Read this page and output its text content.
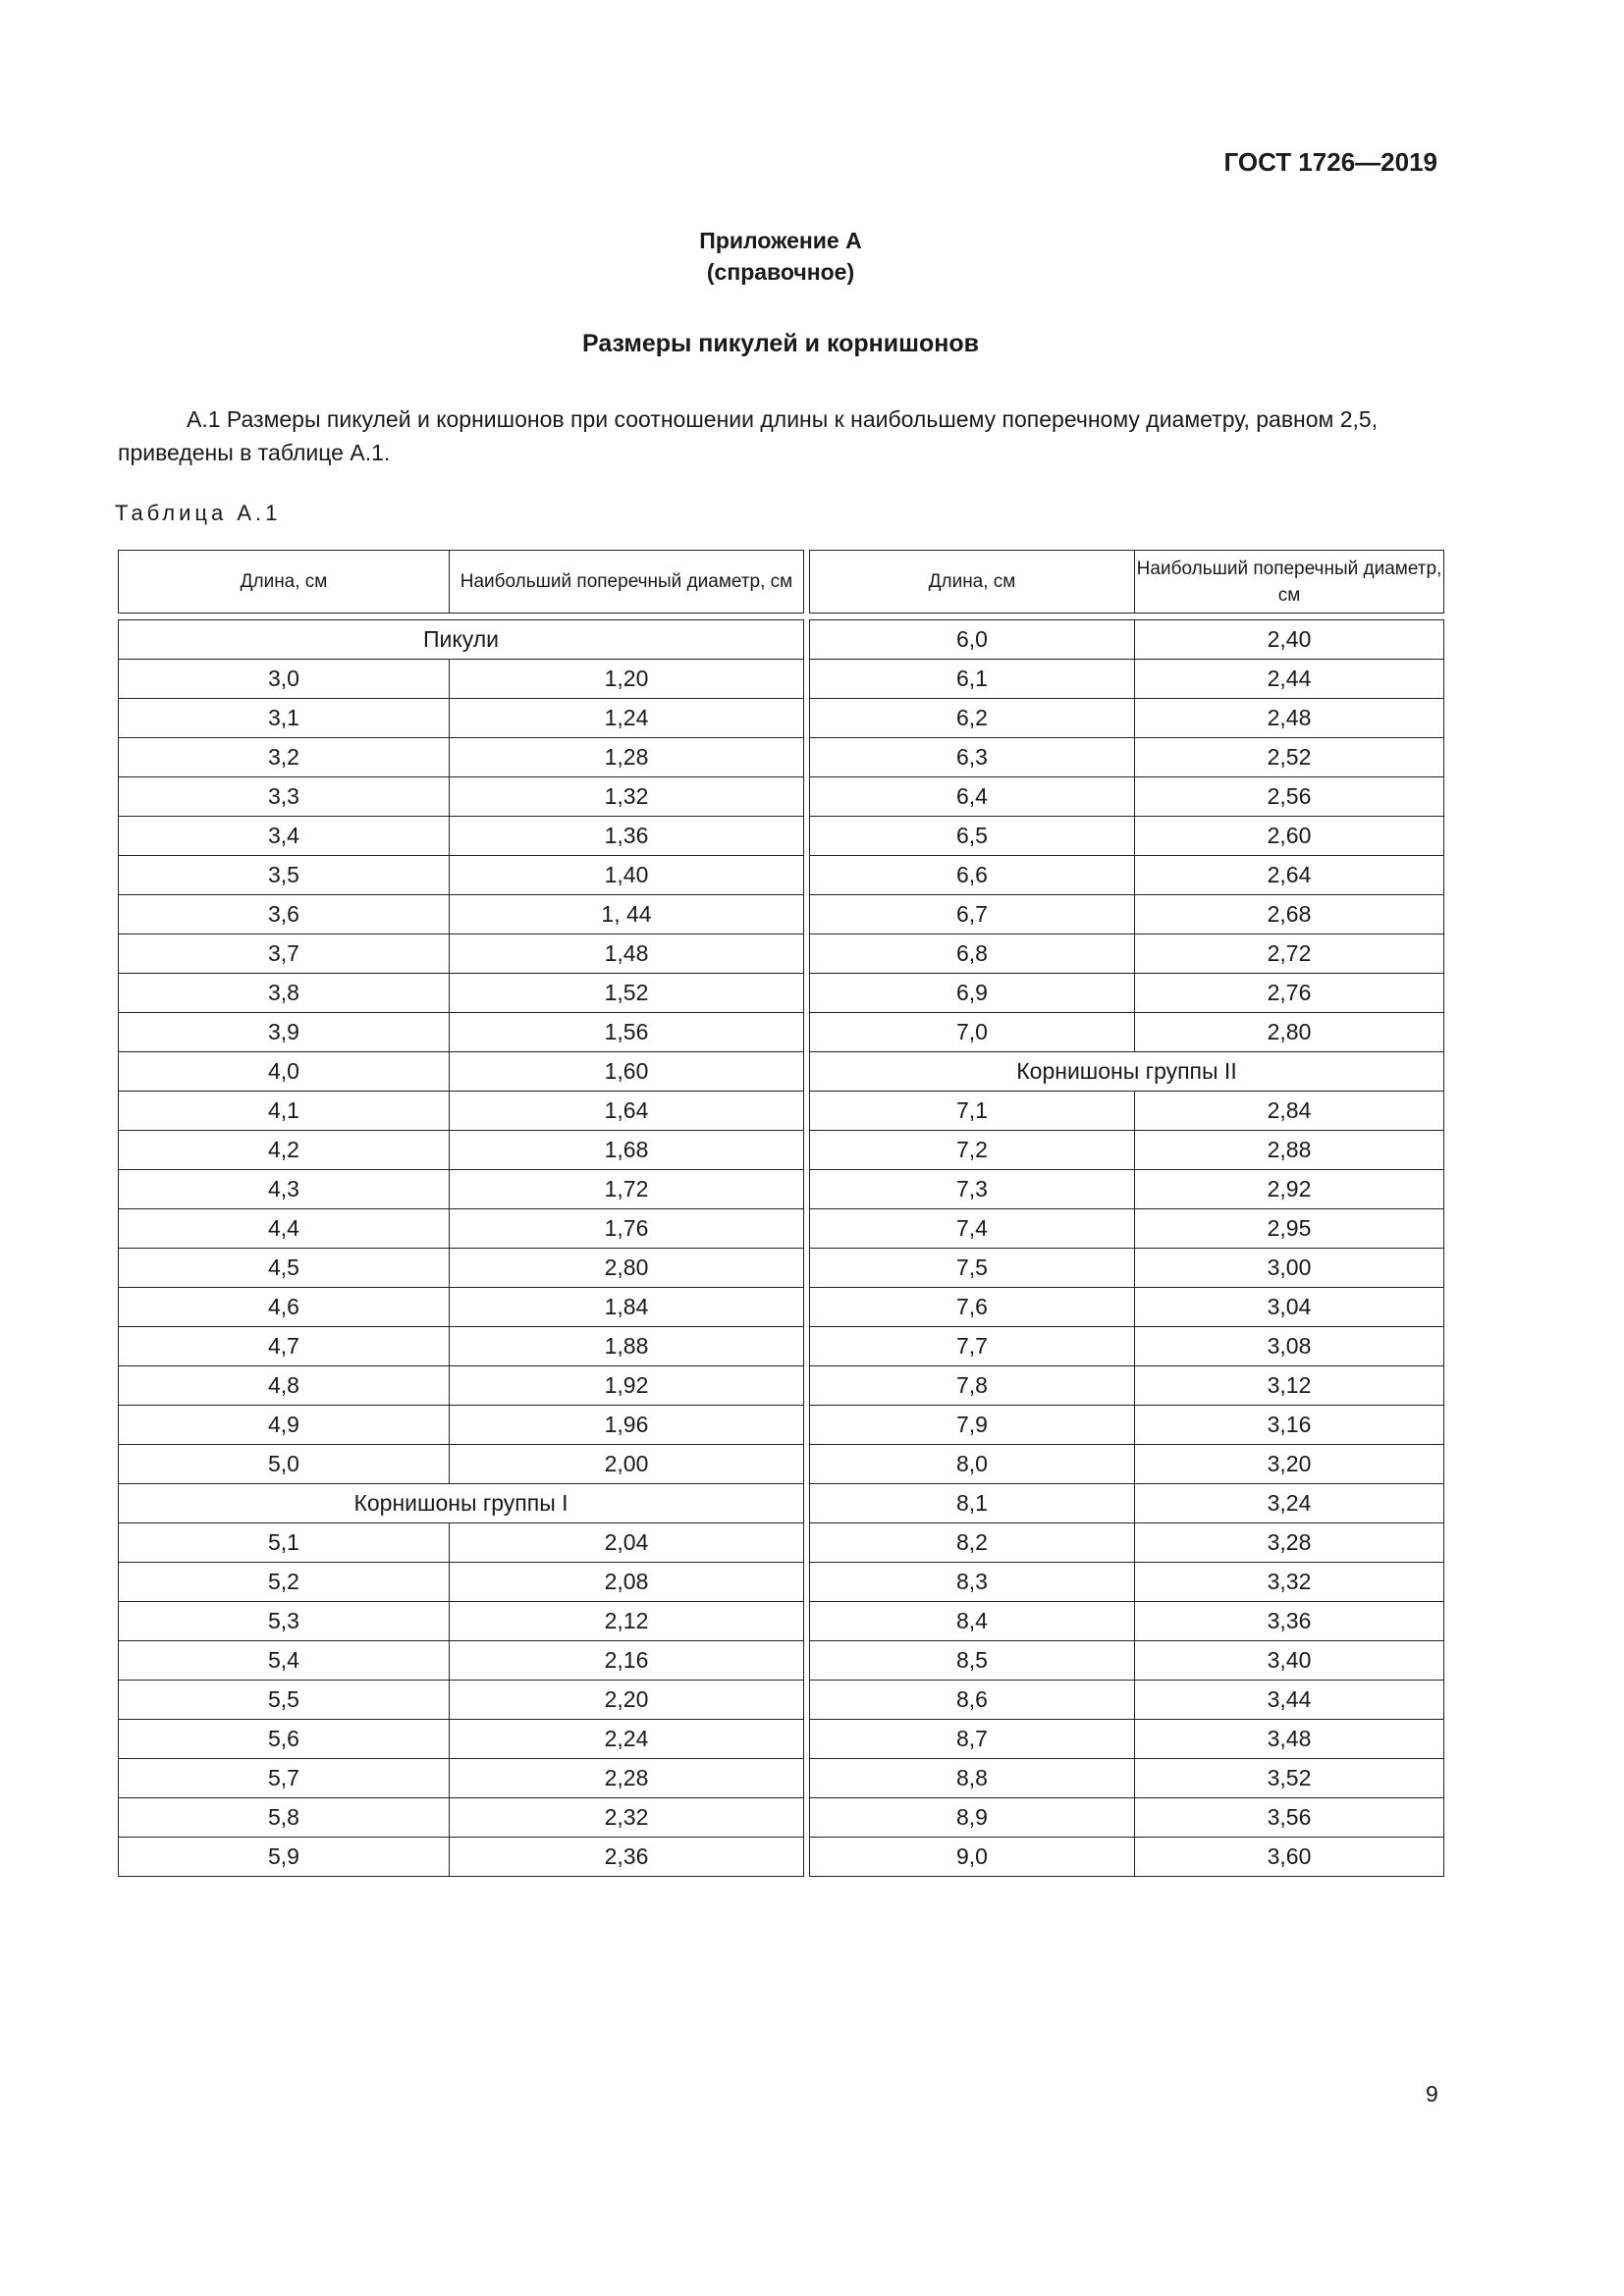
ГОСТ 1726—2019
Приложение А
(справочное)
Размеры пикулей и корнишонов

А.1 Размеры пикулей и корнишонов при соотношении длины к наибольшему поперечному диаметру, равном 2,5, приведены в таблице А.1.

Таблица А.1
Длина, см	Наибольший поперечный диаметр, см

Пикули	
3,0	1,20
3,1	1,24
3,2	1,28
3,3	1,32
3,4	1,36
3,5	1,40
3,6	1, 44
3,7	1,48
3,8	1,52
3,9	1,56
4,0	1,60
4,1	1,64
4,2	1,68
4,3	1,72
4,4	1,76
4,5	2,80
4,6	1,84
4,7	1,88
4,8	1,92
4,9	1,96
5,0	2,00
Корнишоны группы I	
5,1	2,04
5,2	2,08
5,3	2,12
5,4	2,16
5,5	2,20
5,6	2,24
5,7	2,28
5,8	2,32
5,9	2,36
Длина, см	Наибольший поперечный диаметр, см

6,0	2,40
6,1	2,44
6,2	2,48
6,3	2,52
6,4	2,56
6,5	2,60
6,6	2,64
6,7	2,68
6,8	2,72
6,9	2,76
7,0	2,80
Корнишоны группы II	
7,1	2,84
7,2	2,88
7,3	2,92
7,4	2,95
7,5	3,00
7,6	3,04
7,7	3,08
7,8	3,12
7,9	3,16
8,0	3,20
8,1	3,24
8,2	3,28
8,3	3,32
8,4	3,36
8,5	3,40
8,6	3,44
8,7	3,48
8,8	3,52
8,9	3,56
9,0	3,60
9
